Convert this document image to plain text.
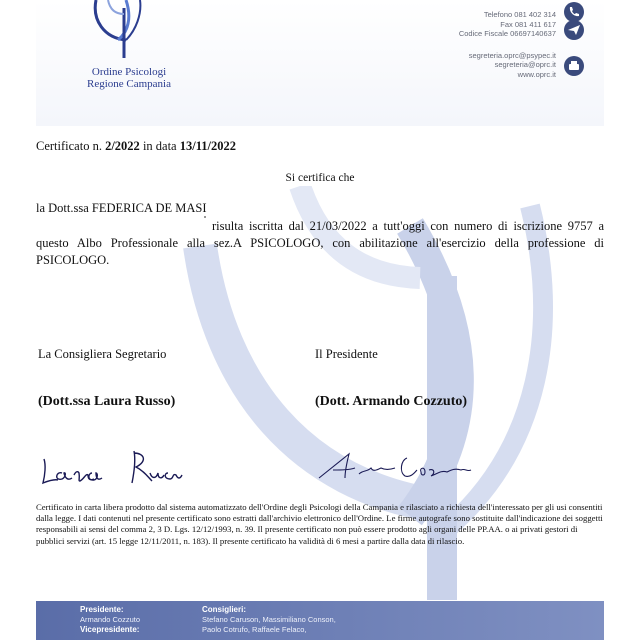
Ordine Psicologi
Regione Campania
Telefono 081 402 314
Fax 081 411 617
Codice Fiscale 06697140637
segreteria.oprc@psypec.it
segreteria@oprc.it
www.oprc.it
Certificato n. 2/2022 in data 13/11/2022
Si certifica che
la Dott.ssa FEDERICA DE MASI
risulta iscritta dal 21/03/2022 a tutt'oggi con numero di iscrizione 9757 a questo Albo Professionale alla sez.A PSICOLOGO, con abilitazione all'esercizio della professione di PSICOLOGO.
La Consigliera Segretario	Il Presidente
(Dott.ssa Laura Russo)	(Dott. Armando Cozzuto)
Certificato in carta libera prodotto dal sistema automatizzato dell'Ordine degli Psicologi della Campania e rilasciato a richiesta dell'interessato per gli usi consentiti dalla legge. I dati contenuti nel presente certificato sono estratti dall'archivio elettronico dell'Ordine. Le firme autografe sono sostituite dall'indicazione dei soggetti responsabili ai sensi del comma 2, 3 D. Lgs. 12/12/1993, n. 39. Il presente certificato non può essere prodotto agli organi delle PP.AA. o ai privati gestori di pubblici servizi (art. 15 legge 12/11/2011, n. 183). Il presente certificato ha validità di 6 mesi a partire dalla data di rilascio.
Presidente:
Armando Cozzuto
Vicepresidente:
Consiglieri:
Stefano Caruson, Massimiliano Conson,
Paolo Cotrufo, Raffaele Felaco,
